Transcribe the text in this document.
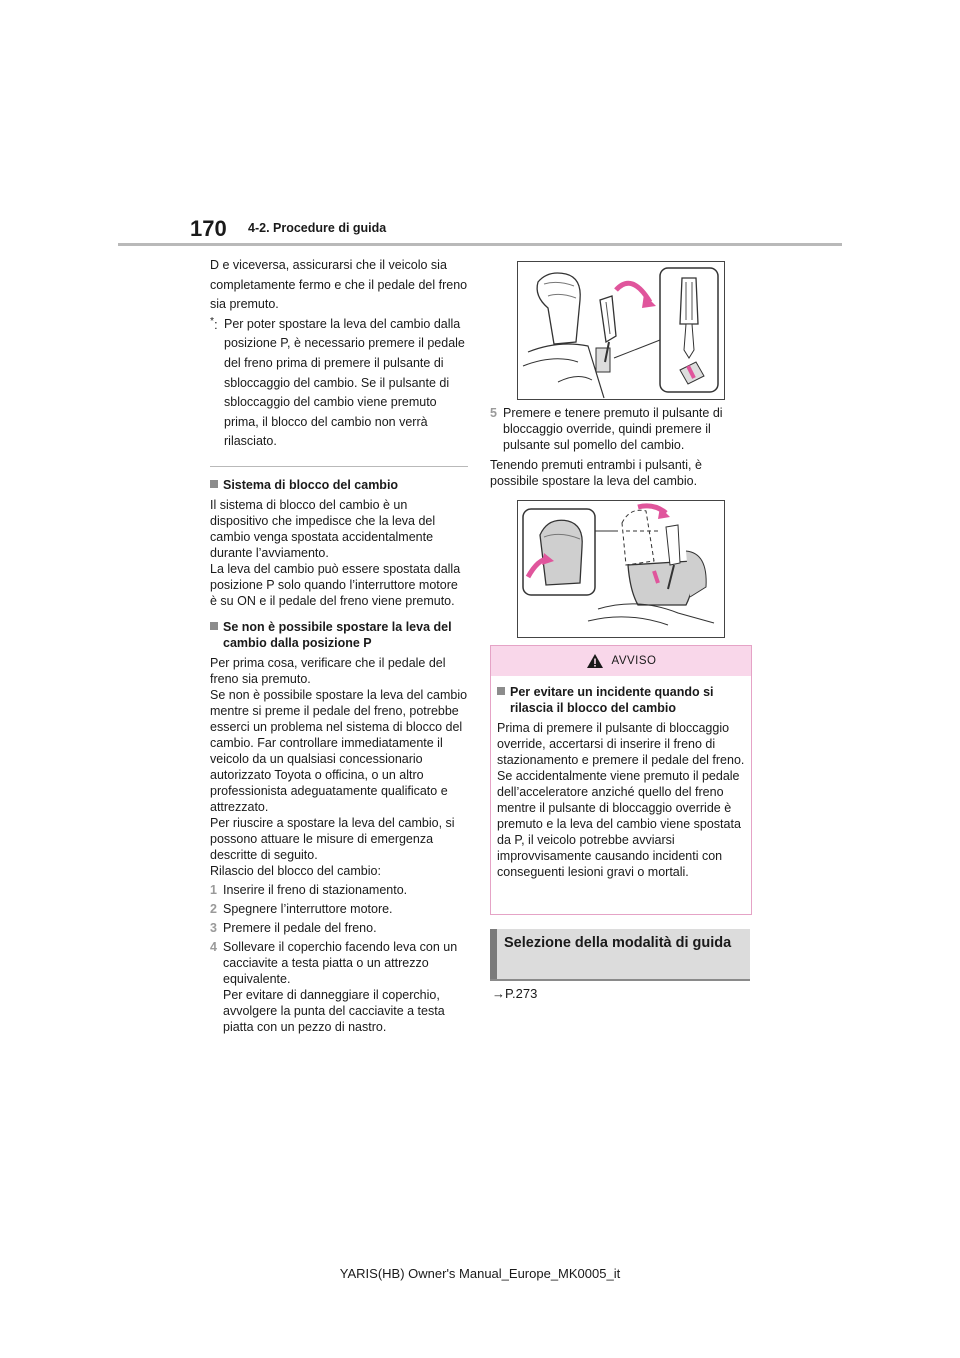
170 4-2. Procedure di guida

D e viceversa, assicurarsi che il veicolo sia completamente fermo e che il pedale del freno sia premuto.

*: Per poter spostare la leva del cambio dalla posizione P, è necessario premere il pedale del freno prima di premere il pulsante di sbloccaggio del cambio. Se il pulsante di sbloccaggio del cambio viene premuto prima, il blocco del cambio non verrà rilasciato.
Sistema di blocco del cambio

Il sistema di blocco del cambio è un dispositivo che impedisce che la leva del cambio venga spostata accidentalmente durante l’avviamento.

La leva del cambio può essere spostata dalla posizione P solo quando l’interruttore motore è su ON e il pedale del freno viene premuto.

Se non è possibile spostare la leva del cambio dalla posizione P

Per prima cosa, verificare che il pedale del freno sia premuto.

Se non è possibile spostare la leva del cambio mentre si preme il pedale del freno, potrebbe esserci un problema nel sistema di blocco del cambio. Far controllare immediatamente il veicolo da un qualsiasi concessionario autorizzato Toyota o officina, o un altro professionista adeguatamente qualificato e attrezzato.

Per riuscire a spostare la leva del cambio, si possono attuare le misure di emergenza descritte di seguito.

Rilascio del blocco del cambio:

1 Inserire il freno di stazionamento.
2 Spegnere l’interruttore motore.
3 Premere il pedale del freno.
4 Sollevare il coperchio facendo leva con un cacciavite a testa piatta o un attrezzo equivalente.
Per evitare di danneggiare il coperchio, avvolgere la punta del cacciavite a testa piatta con un pezzo di nastro.
5 Premere e tenere premuto il pulsante di bloccaggio override, quindi premere il pulsante sul pomello del cambio.

Tenendo premuti entrambi i pulsanti, è possibile spostare la leva del cambio.

AVVISO
Per evitare un incidente quando si rilascia il blocco del cambio

Prima di premere il pulsante di bloccaggio override, accertarsi di inserire il freno di stazionamento e premere il pedale del freno.

Se accidentalmente viene premuto il pedale dell’acceleratore anziché quello del freno mentre il pulsante di bloccaggio override è premuto e la leva del cambio viene spostata da P, il veicolo potrebbe avviarsi improvvisamente causando incidenti con conseguenti lesioni gravi o mortali.

Selezione della modalità di guida
→P.273
YARIS(HB) Owner's Manual_Europe_MK0005_it
